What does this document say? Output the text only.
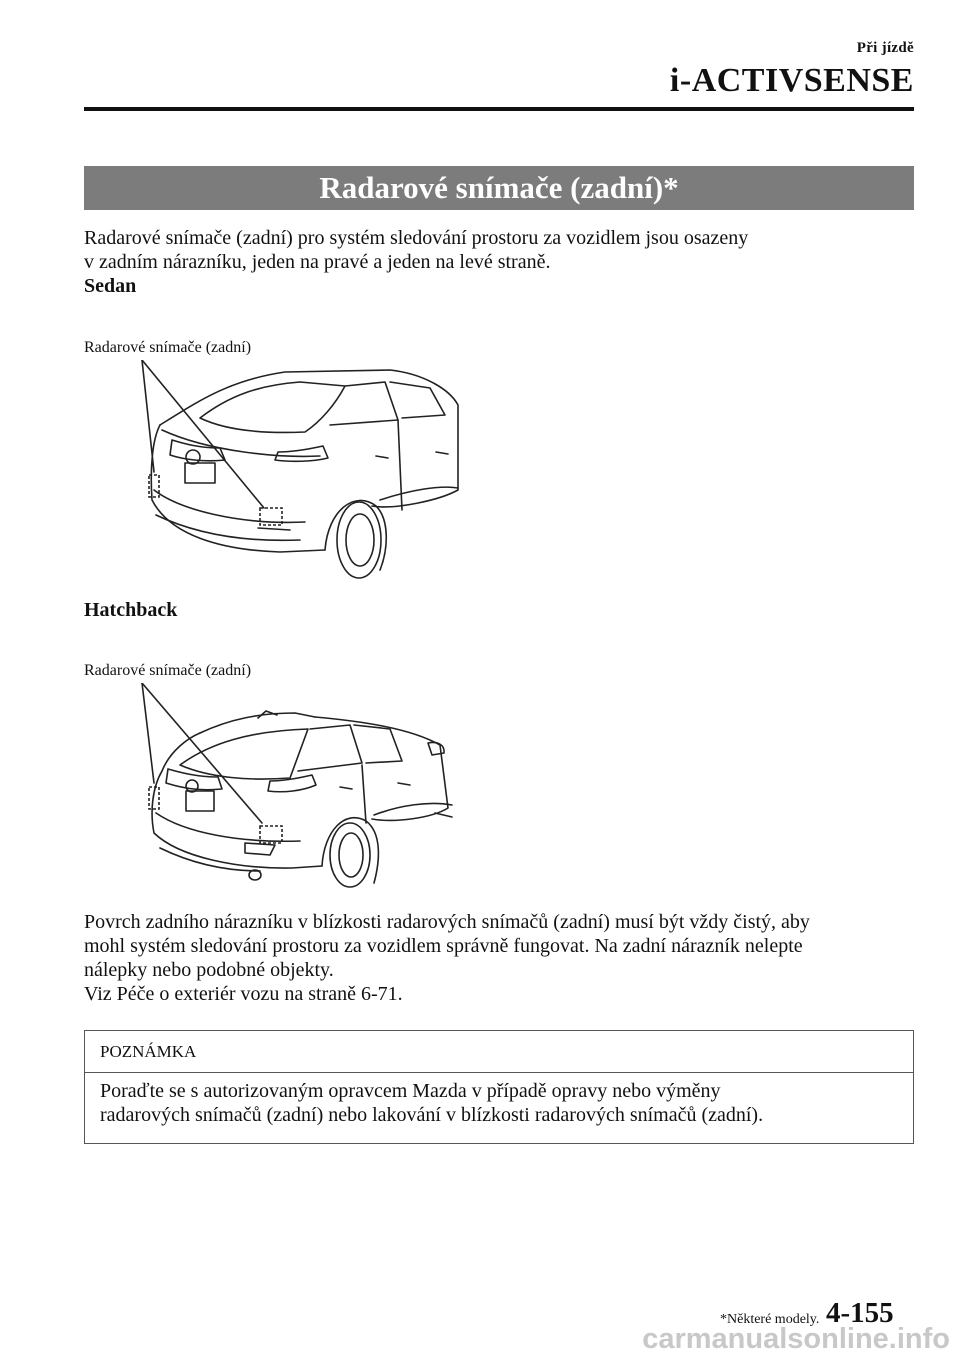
Při jízdě
i-ACTIVSENSE
Radarové snímače (zadní)*
Radarové snímače (zadní) pro systém sledování prostoru za vozidlem jsou osazeny
v zadním nárazníku, jeden na pravé a jeden na levé straně.
Sedan
Radarové snímače (zadní)
Hatchback
Radarové snímače (zadní)
Povrch zadního nárazníku v blízkosti radarových snímačů (zadní) musí být vždy čistý, aby
mohl systém sledování prostoru za vozidlem správně fungovat. Na zadní nárazník nelepte
nálepky nebo podobné objekty.
Viz Péče o exteriér vozu na straně 6-71.
POZNÁMKA
Poraďte se s autorizovaným opravcem Mazda v případě opravy nebo výměny
radarových snímačů (zadní) nebo lakování v blízkosti radarových snímačů (zadní).
*Některé modely. 4-155
carmanualsonline.info
